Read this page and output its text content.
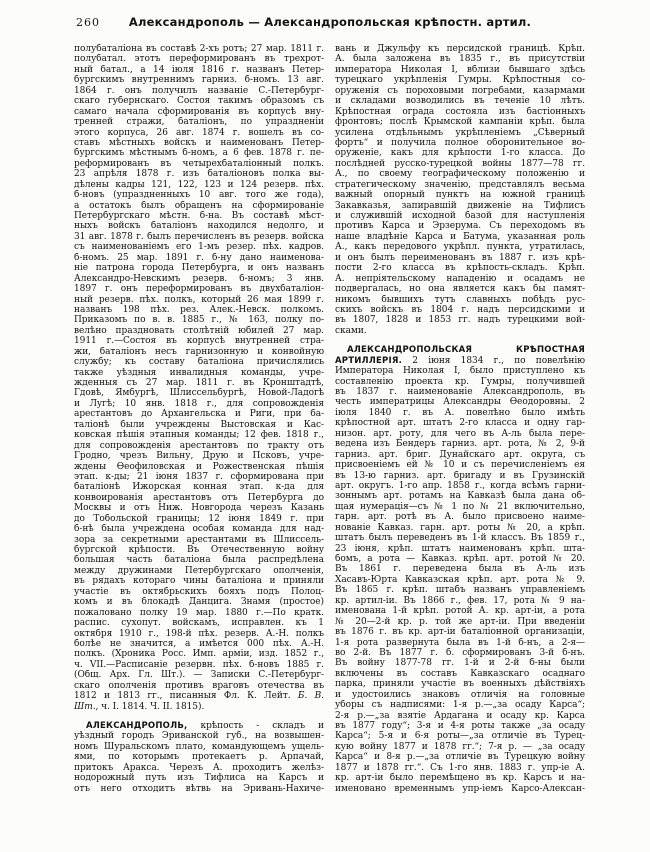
260	Александрополь — Александропольская крѣпостн. артил.
полубаталіона въ составѣ 2-хъ ротъ; 27 мар. 1811 г.
полубатал. этотъ переформированъ въ трехрот-
ный батал., а 14 іюля 1816 г. названъ Петер-
бургскимъ внутреннимъ гарниз. б-номъ. 13 авг.
1864 г. онъ получилъ названіе С.-Петербург-
скаго губернскаго. Состоя такимъ образомъ съ
самаго начала сформированія въ корпусѣ вну-
тренней стражи, баталіонъ, по упраздненіи
этого корпуса, 26 авг. 1874 г. вошелъ въ со-
ставъ мѣстныхъ войскъ и наименованъ Петер-
бургскимъ мѣстнымъ б-номъ, а 6 фев. 1878 г. пе-
реформированъ въ четырехбаталіонный полкъ.
23 апрѣля 1878 г. изъ баталіоновъ полка вы-
дѣлены кадры 121, 122, 123 и 124 резерв. пѣх.
б-новъ (упраздненныхъ 10 авг. того же года),
а остатокъ былъ обращенъ на сформированіе
Петербургскаго мѣстн. б-на. Въ составѣ мѣст-
ныхъ войскъ баталіонъ находился недолго, и
31 авг. 1878 г. былъ перечисленъ въ резерв. войска
съ наименованіемъ его 1-мъ резер. пѣх. кадров.
б-номъ. 25 мар. 1891 г. б-ну дано наименова-
ніе патрона города Петербурга, и онъ названъ
Александро-Невскимъ резерв. б-номъ; 3 янв.
1897 г. онъ переформированъ въ двухбаталіон-
ный резерв. пѣх. полкъ, который 26 мая 1899 г.
названъ 198 пѣх. рез. Алек.-Невск. полкомъ.
Приказомъ по в. в. 1885 г., № 163, полку по-
велѣно праздновать столѣтній юбилей 27 мар.
1911 г.—Состоя въ корпусѣ внутренней стра-
жи, баталіонъ несъ гарнизонную и конвойную
службу; къ составу баталіона причислялись
также уѣздныя инвалидныя команды, учре-
жденныя съ 27 мар. 1811 г. въ Кронштадтѣ,
Гдовѣ, Ямбургѣ, Шлиссельбургѣ, Новой-Ладогѣ
и Лугѣ; 10 янв. 1818 г., для сопровожденія
арестантовъ до Архангельска и Риги, при ба-
таліонѣ были учреждены Выстовская и Кас-
ковская пѣшія этапныя команды; 12 фев. 1818 г.,
для сопровожденія арестантовъ по тракту отъ
Гродно, чрезъ Вильну, Друю и Псковъ, учре-
ждены Ѳеофиловская и Рожественская пѣшія
этап. к-ды; 21 іюня 1837 г. сформирована при
баталіонѣ Ижорская конная этап. к-да для
конвоированія арестантовъ отъ Петербурга до
Москвы и отъ Ниж. Новгорода черезъ Казань
до Тобольской границы; 12 іюня 1849 г. при
б-нѣ была учреждена особая команда для над-
зора за секретными арестантами въ Шлиссель-
бургской крѣпости. Въ Отечественную войну
большая часть баталіона была распредѣлена
между дружинами Петербургскаго ополченія,
въ рядахъ котораго чины баталіона и приняли
участіе въ октябрьскихъ бояхъ подъ Полоц-
комъ и въ блокадѣ Данцига. Знамя (простое)
пожаловано полку 19 мар. 1880 г.—По кратк.
распис. сухопут. войскамъ, исправлен. къ 1
октября 1910 г., 198-й пѣх. резерв. А.-Н. полкъ
болѣе не значится, а имѣется 000 пѣх. А.-Н.
полкъ. (Хроника Росс. Имп. арміи, изд. 1852 г.,
ч. VII.—Расписаніе резервн. пѣх. б-новъ 1885 г.
(Общ. Арх. Гл. Шт.). — Записки С.-Петербург-
скаго ополченія противъ враговъ отечества въ
1812 и 1813 гг., писанныя Фл. К. Лейт. Б. В.
Шт., ч. I. 1814. Ч. II. 1815).
АЛЕКСАНДРОПОЛЬ, крѣпость - складъ и
уѣздный городъ Эриванской губ., на возвышен-
номъ Шуральскомъ плато, командующемъ ущель-
ями, по которымъ протекаетъ р. Арпачай,
притокъ Аракса. Черезъ А. проходитъ желѣз-
нодорожный путь изъ Тифлиса на Карсъ и
отъ него отходитъ вѣтвь на Эривань-Нахиче-
вань и Джульфу къ персидской границѣ. Крѣп.
А. была заложена въ 1835 г., въ присутствіи
императора Николая I, вблизи бывшаго здѣсь
турецкаго укрѣпленія Гумры. Крѣпостныя со-
оруженія съ пороховыми погребами, казармами
и складами возводились въ теченіе 10 лѣтъ.
Крѣпостная ограда состояла изъ бастіонныхъ
фронтовъ; послѣ Крымской кампаніи крѣп. была
усилена отдѣльнымъ укрѣпленіемъ „Сѣверный
фортъ“ и получила полное оборонительное во-
оруженіе, какъ для крѣпости 1-го класса. До
послѣдней русско-турецкой войны 1877—78 гг.
А., по своему географическому положенію и
стратегическому значенію, представлялъ весьма
важный опорный пунктъ на южной границѣ
Закавказья, запиравшій движеніе на Тифлисъ
и служившій исходной базой для наступленія
противъ Карса и Эрзерума. Съ переходомъ въ
наше владѣніе Карса и Батума, указанная роль
А., какъ передового укрѣпл. пункта, утратилась,
и онъ былъ переименованъ въ 1887 г. изъ крѣ-
пости 2-го класса въ крѣпость-складъ. Крѣп.
А. непріятельскому нападенію и осадамъ не
подвергалась, но она является какъ бы памят-
никомъ бывшихъ тутъ славныхъ побѣдъ рус-
скихъ войскъ въ 1804 г. надъ персидскими и
въ 1807, 1828 и 1853 гг. надъ турецкими вой-
сками.
АЛЕКСАНДРОПОЛЬСКАЯ КРѢПОСТНАЯ
АРТИЛЛЕРІЯ. 2 іюня 1834 г., по повелѣнію
Императора Николая I, было приступлено къ
составленію проекта кр. Гумры, получившей
въ 1837 г. наименованіе Александрополь, въ
честь императрицы Александры Ѳеодоровны. 2
іюля 1840 г. въ А. повелѣно было имѣть
крѣпостной арт. штатъ 2-го класса и одну гар-
низон. арт. роту, для чего въ А-ль была пере-
ведена изъ Бендеръ гарниз. арт. рота, № 2, 9-й
гарниз. арт. бриг. Дунайскаго арт. округа, съ
присвоеніемъ ей № 10 и съ перечисленіемъ ея
въ 13-ю гарниз. арт. бригаду и въ Грузинскій
арт. округъ. 1-го апр. 1858 г., когда всѣмъ гарни-
зоннымъ арт. ротамъ на Кавказѣ была дана об-
щая нумерація—съ № 1 по № 21 включительно,
гарн. арт. ротѣ въ А. было присвоено наиме-
нованіе Кавказ. гарн. арт. роты № 20, а крѣп.
штатъ былъ переведенъ въ 1-й классъ. Въ 1859 г.,
23 іюня, крѣп. штатъ наименованъ крѣп. шта-
бомъ, а рота — Кавказ. крѣп. арт. ротой № 20.
Въ 1861 г. переведена была въ А-ль изъ
Хасавъ-Юрта Кавказская крѣп. арт. рота № 9.
Въ 1865 г. крѣп. штабъ названъ управленіемъ
кр. артил-іи. Въ 1866 г., фев. 17, рота № 9 на-
именована 1-й крѣп. ротой А. кр. арт-іи, а рота
№ 20—2-й кр. р. той же арт-іи. При введеніи
въ 1876 г. въ кр. арт-іи баталіонной организаціи,
1-я рота развернута была въ 1-й б-нъ, а 2-я—
во 2-й. Въ 1877 г. б. сформированъ 3-й б-нъ.
Въ войну 1877-78 гг. 1-й и 2-й б-ны были
включены въ составъ Кавказскаго осаднаго
парка, приняли участіе въ военныхъ дѣйствіяхъ
и удостоились знаковъ отличія на головные
уборы съ надписями: 1-я р.—„за осаду Карса“;
2-я р.—„за взятіе Ардагана и осаду кр. Карса
въ 1877 году“; 3-я и 4-я роты также „за осаду
Карса“; 5-я и 6-я роты—„за отличіе въ Турец-
кую войну 1877 и 1878 гг.“; 7-я р. — „за осаду
Карса“ и 8-я р.—„за отличіе въ Турецкую войну
1877 и 1878 гг.“. Съ 1-го янв. 1883 г. упр-іе А.
кр. арт-іи было перемѣщено въ кр. Карсъ и на-
именовано временнымъ упр-іемъ Карсо-Алексан-
